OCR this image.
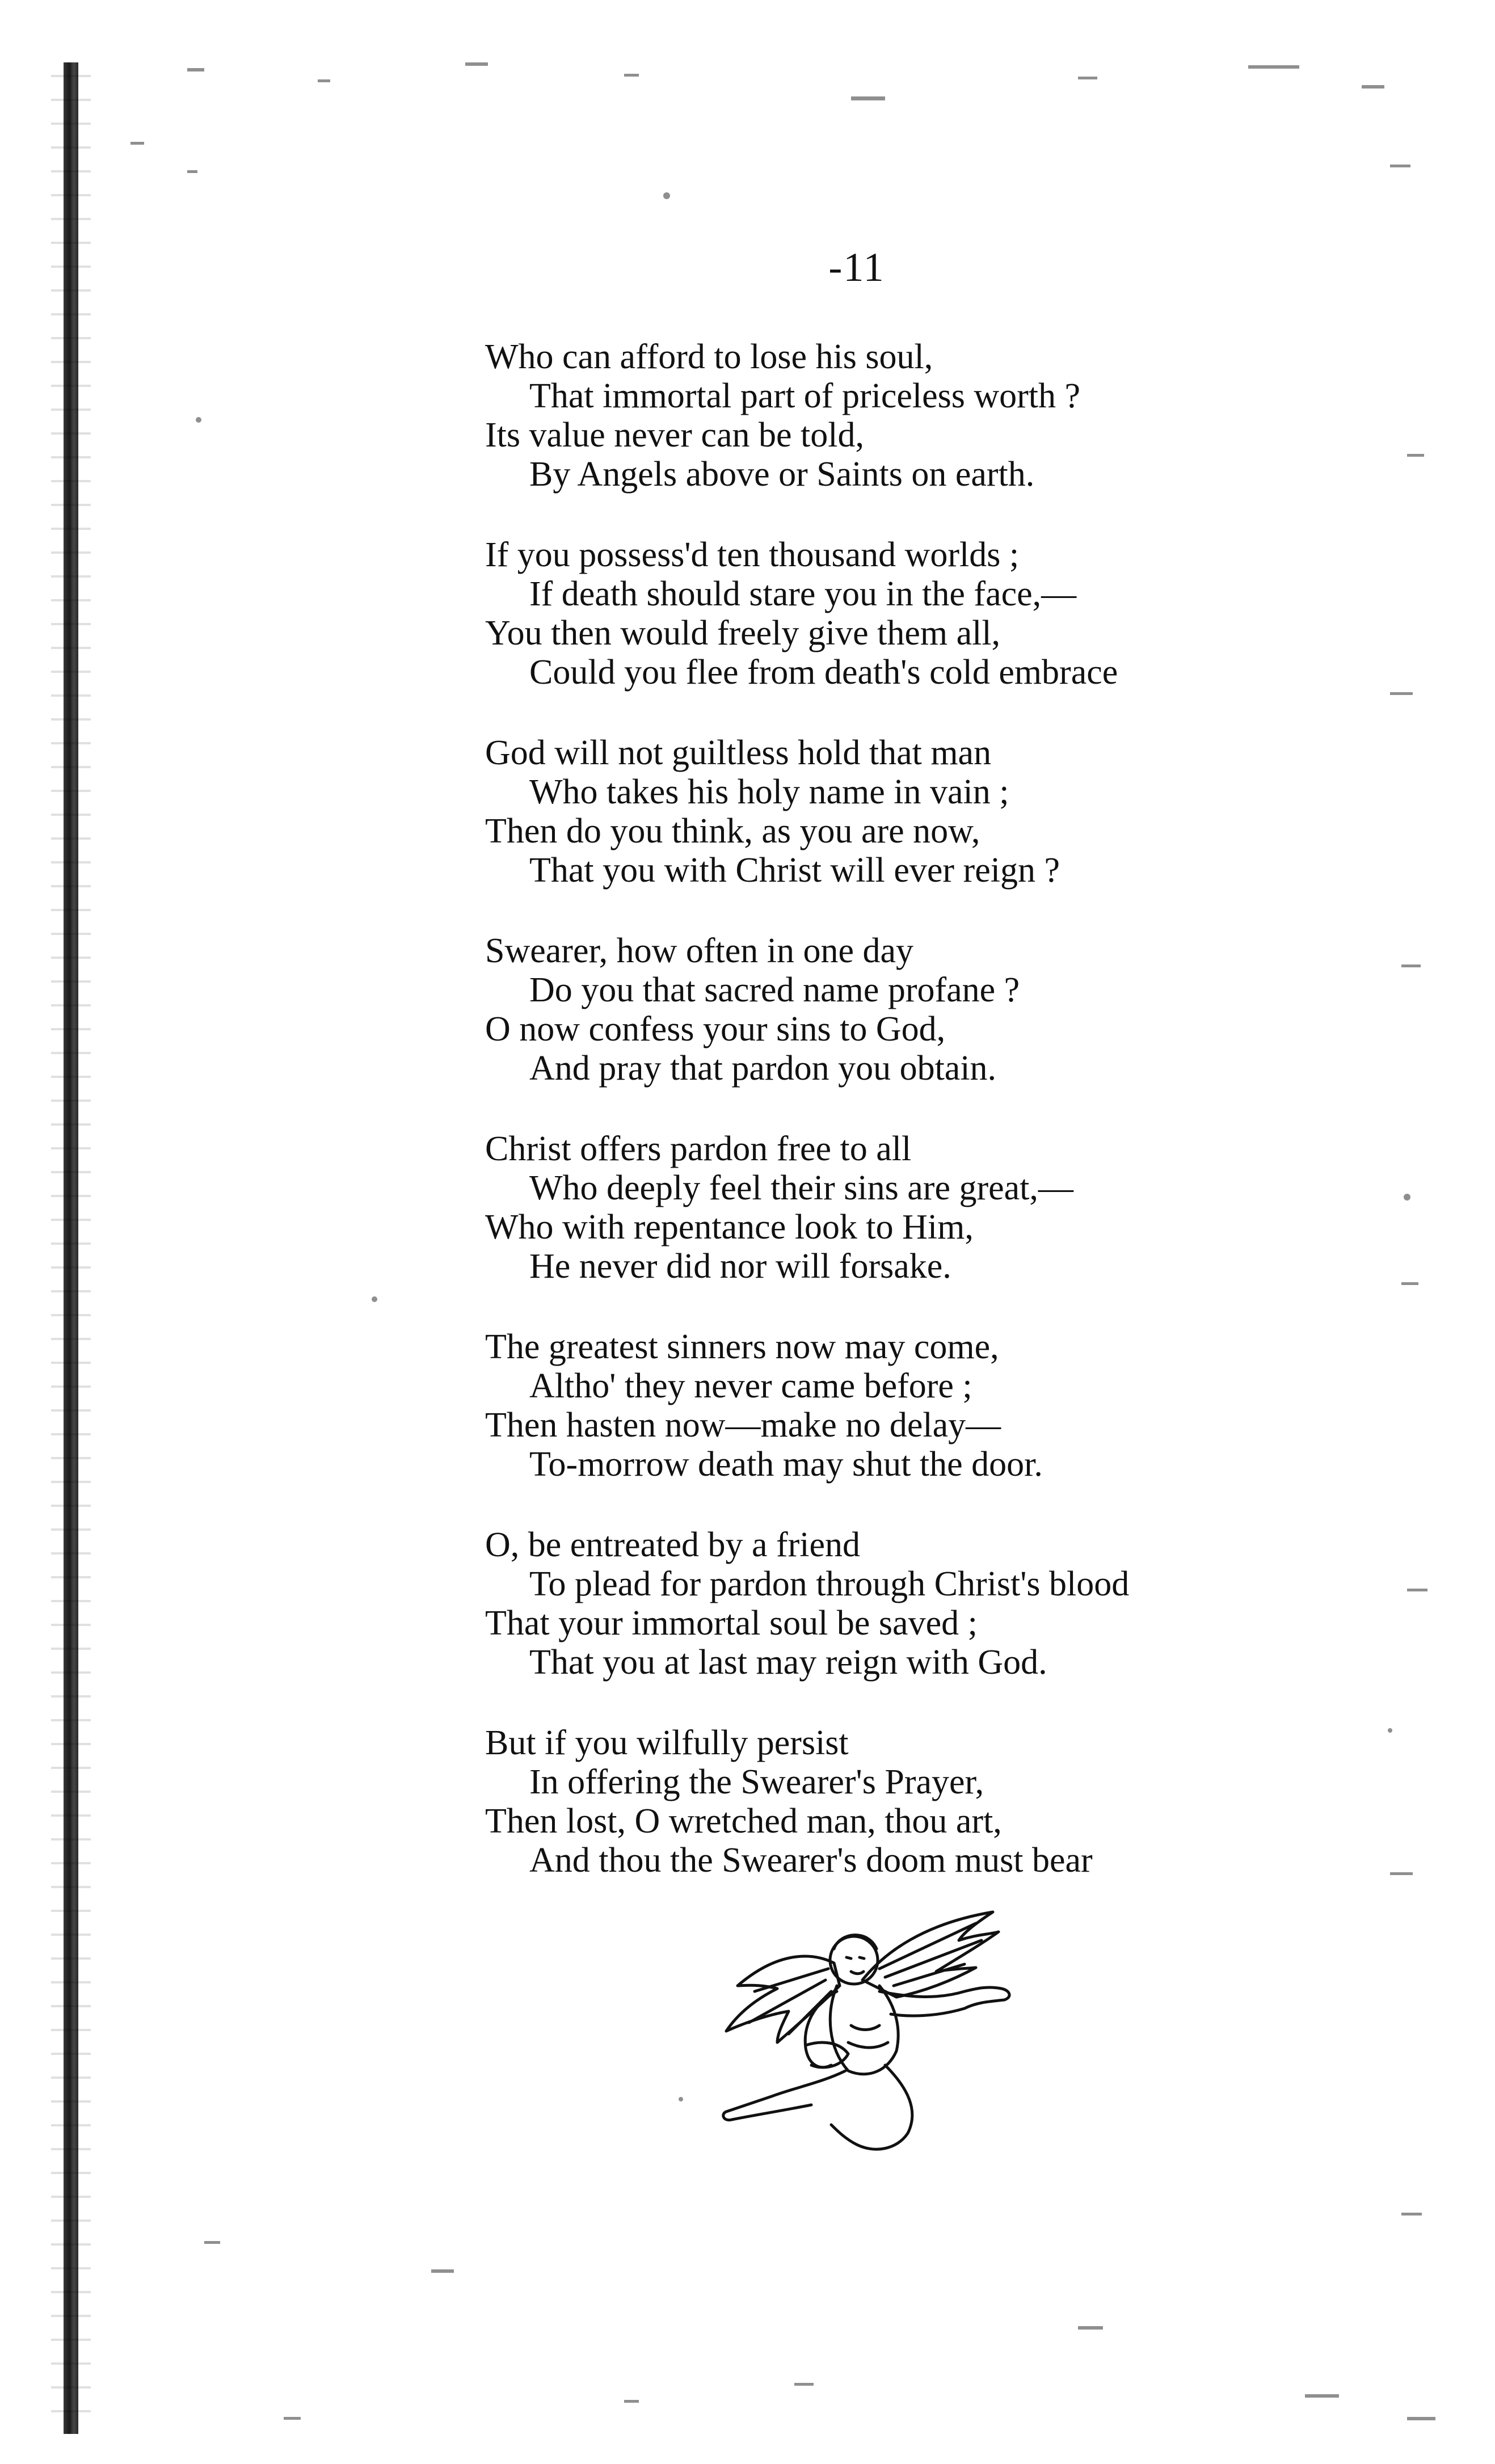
-11
Who can afford to lose his soul,
That immortal part of priceless worth ?
Its value never can be told,
By Angels above or Saints on earth.
If you possess'd ten thousand worlds ;
If death should stare you in the face,—
You then would freely give them all,
Could you flee from death's cold embrace
God will not guiltless hold that man
Who takes his holy name in vain ;
Then do you think, as you are now,
That you with Christ will ever reign ?
Swearer, how often in one day
Do you that sacred name profane ?
O now confess your sins to God,
And pray that pardon you obtain.
Christ offers pardon free to all
Who deeply feel their sins are great,—
Who with repentance look to Him,
He never did nor will forsake.
The greatest sinners now may come,
Altho' they never came before ;
Then hasten now—make no delay—
To-morrow death may shut the door.
O, be entreated by a friend
To plead for pardon through Christ's blood
That your immortal soul be saved ;
That you at last may reign with God.
But if you wilfully persist
In offering the Swearer's Prayer,
Then lost, O wretched man, thou art,
And thou the Swearer's doom must bear
